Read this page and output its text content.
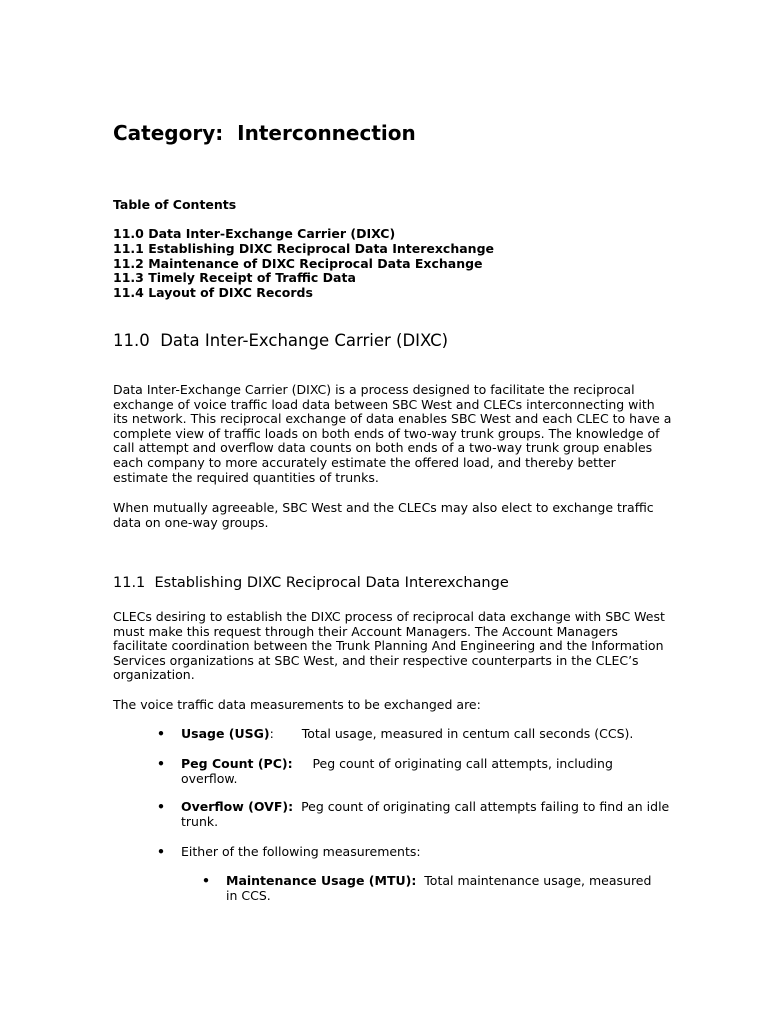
Category:  Interconnection
Table of Contents
11.0 Data Inter-Exchange Carrier (DIXC)
11.1 Establishing DIXC Reciprocal Data Interexchange
11.2 Maintenance of DIXC Reciprocal Data Exchange
11.3 Timely Receipt of Traffic Data
11.4 Layout of DIXC Records
11.0  Data Inter-Exchange Carrier (DIXC)

Data Inter-Exchange Carrier (DIXC) is a process designed to facilitate the reciprocal exchange of voice traffic load data between SBC West and CLECs interconnecting with its network. This reciprocal exchange of data enables SBC West and each CLEC to have a complete view of traffic loads on both ends of two-way trunk groups. The knowledge of call attempt and overflow data counts on both ends of a two-way trunk group enables each company to more accurately estimate the offered load, and thereby better estimate the required quantities of trunks.

When mutually agreeable, SBC West and the CLECs may also elect to exchange traffic data on one-way groups.

11.1  Establishing DIXC Reciprocal Data Interexchange

CLECs desiring to establish the DIXC process of reciprocal data exchange with SBC West must make this request through their Account Managers. The Account Managers facilitate coordination between the Trunk Planning And Engineering and the Information Services organizations at SBC West, and their respective counterparts in the CLEC’s organization.

The voice traffic data measurements to be exchanged are:

• Usage (USG):       Total usage, measured in centum call seconds (CCS).
• Peg Count (PC): Peg count of originating call attempts, including overflow.
• Overflow (OVF): Peg count of originating call attempts failing to find an idle trunk.
• Either of the following measurements:
• Maintenance Usage (MTU): Total maintenance usage, measured in CCS.
